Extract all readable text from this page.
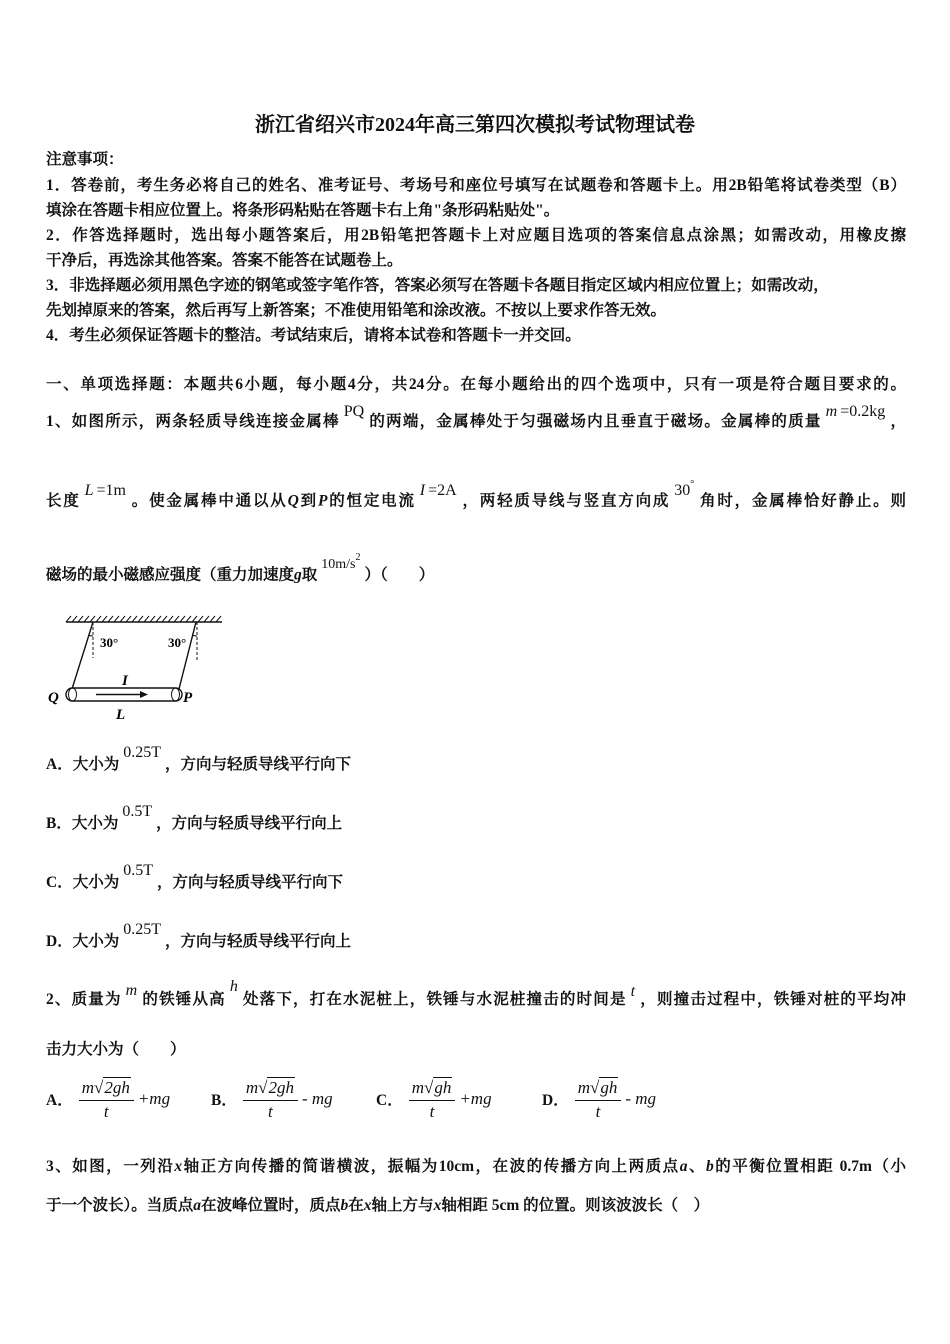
浙江省绍兴市2024年高三第四次模拟考试物理试卷
注意事项：
1．答卷前，考生务必将自己的姓名、准考证号、考场号和座位号填写在试题卷和答题卡上。用2B铅笔将试卷类型（B）
填涂在答题卡相应位置上。将条形码粘贴在答题卡右上角"条形码粘贴处"。
2．作答选择题时，选出每小题答案后，用2B铅笔把答题卡上对应题目选项的答案信息点涂黑；如需改动，用橡皮擦
干净后，再选涂其他答案。答案不能答在试题卷上。
3．非选择题必须用黑色字迹的钢笔或签字笔作答，答案必须写在答题卡各题目指定区域内相应位置上；如需改动，
先划掉原来的答案，然后再写上新答案；不准使用铅笔和涂改液。不按以上要求作答无效。
4．考生必须保证答题卡的整洁。考试结束后，请将本试卷和答题卡一并交回。
一、单项选择题：本题共6小题，每小题4分，共24分。在每小题给出的四个选项中，只有一项是符合题目要求的。
1、如图所示，两条轻质导线连接金属棒PQ的两端，金属棒处于匀强磁场内且垂直于磁场。金属棒的质量m =0.2kg，
长度L =1m。使金属棒中通以从Q到P的恒定电流I =2A，两轻质导线与竖直方向成30°角时，金属棒恰好静止。则
磁场的最小磁感应强度（重力加速度g取$10m/s^2$）（　　）
30°	30°
I
Q	P
L
A．大小为0.25T，方向与轻质导线平行向下
B．大小为0.5T，方向与轻质导线平行向上
C．大小为0.5T，方向与轻质导线平行向下
D．大小为0.25T，方向与轻质导线平行向上
2、质量为m的铁锤从高h处落下，打在水泥桩上，铁锤与水泥桩撞击的时间是 t ，则撞击过程中，铁锤对桩的平均冲
击力大小为（　　）
A． $\frac{m√2gh}{t} +mg$	B． $\frac{m√2gh}{t}$ - mg	C． $\frac{m√gh}{t} +mg$	D． $\frac{m√gh}{t}$ - mg
3、如图，一列沿x轴正方向传播的简谐横波，振幅为10cm，在波的传播方向上两质点a、b的平衡位置相距 0.7m（小
于一个波长）。当质点a在波峰位置时，质点b在x轴上方与x轴相距 5cm 的位置。则该波波长（　）
